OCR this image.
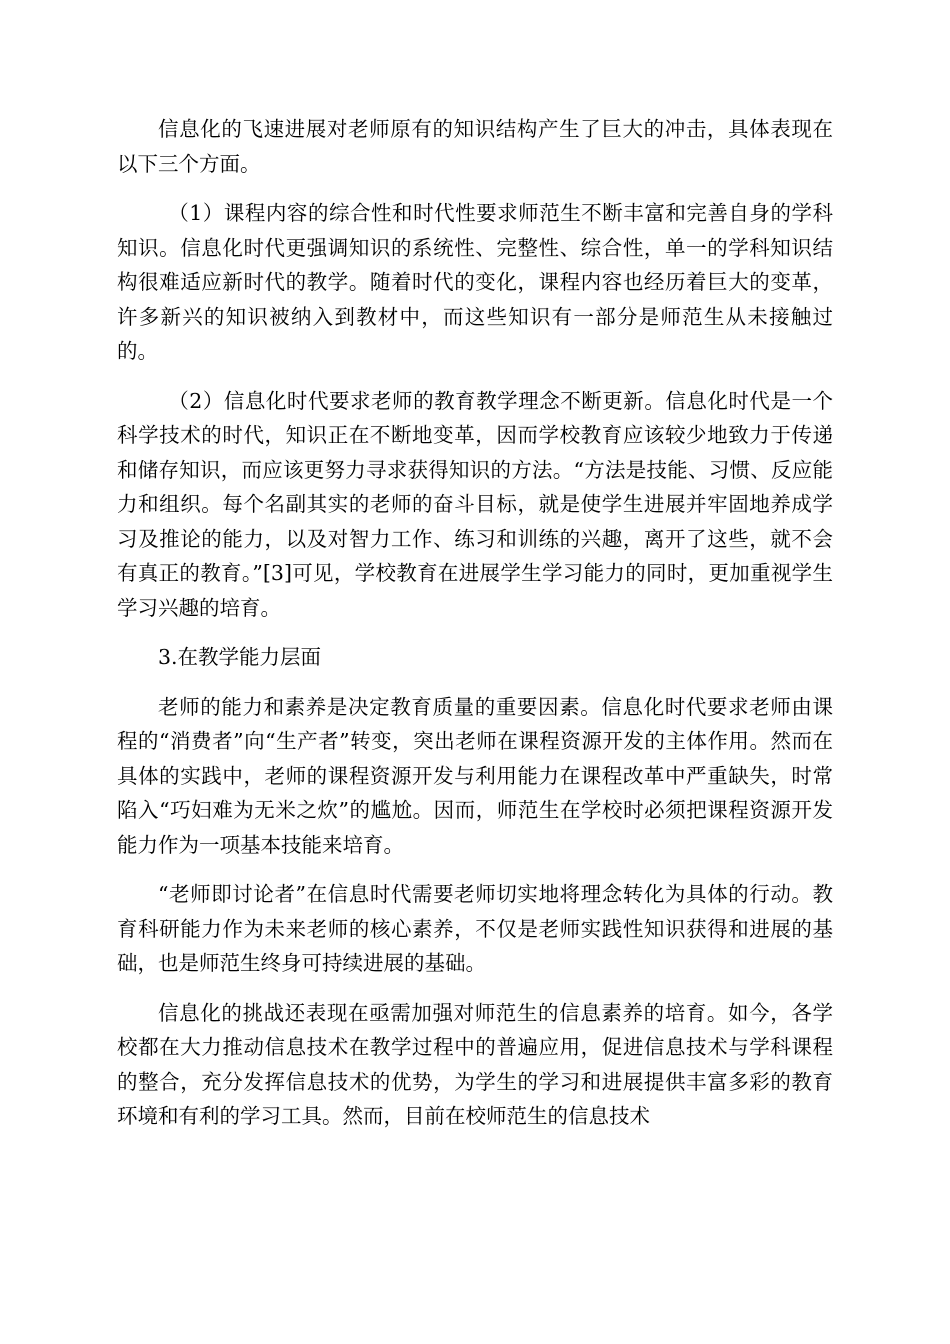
信息化的飞速进展对老师原有的知识结构产生了巨大的冲击，具体表现在以下三个方面。

（1）课程内容的综合性和时代性要求师范生不断丰富和完善自身的学科知识。信息化时代更强调知识的系统性、完整性、综合性，单一的学科知识结构很难适应新时代的教学。随着时代的变化，课程内容也经历着巨大的变革，许多新兴的知识被纳入到教材中，而这些知识有一部分是师范生从未接触过的。

（2）信息化时代要求老师的教育教学理念不断更新。信息化时代是一个科学技术的时代，知识正在不断地变革，因而学校教育应该较少地致力于传递和储存知识，而应该更努力寻求获得知识的方法。“方法是技能、习惯、反应能力和组织。每个名副其实的老师的奋斗目标，就是使学生进展并牢固地养成学习及推论的能力，以及对智力工作、练习和训练的兴趣，离开了这些，就不会有真正的教育。”[3]可见，学校教育在进展学生学习能力的同时，更加重视学生学习兴趣的培育。

3.在教学能力层面

老师的能力和素养是决定教育质量的重要因素。信息化时代要求老师由课程的“消费者”向“生产者”转变，突出老师在课程资源开发的主体作用。然而在具体的实践中，老师的课程资源开发与利用能力在课程改革中严重缺失，时常陷入“巧妇难为无米之炊”的尴尬。因而，师范生在学校时必须把课程资源开发能力作为一项基本技能来培育。

“老师即讨论者”在信息时代需要老师切实地将理念转化为具体的行动。教育科研能力作为未来老师的核心素养，不仅是老师实践性知识获得和进展的基础，也是师范生终身可持续进展的基础。

信息化的挑战还表现在亟需加强对师范生的信息素养的培育。如今，各学校都在大力推动信息技术在教学过程中的普遍应用，促进信息技术与学科课程的整合，充分发挥信息技术的优势，为学生的学习和进展提供丰富多彩的教育环境和有利的学习工具。然而，目前在校师范生的信息技术
